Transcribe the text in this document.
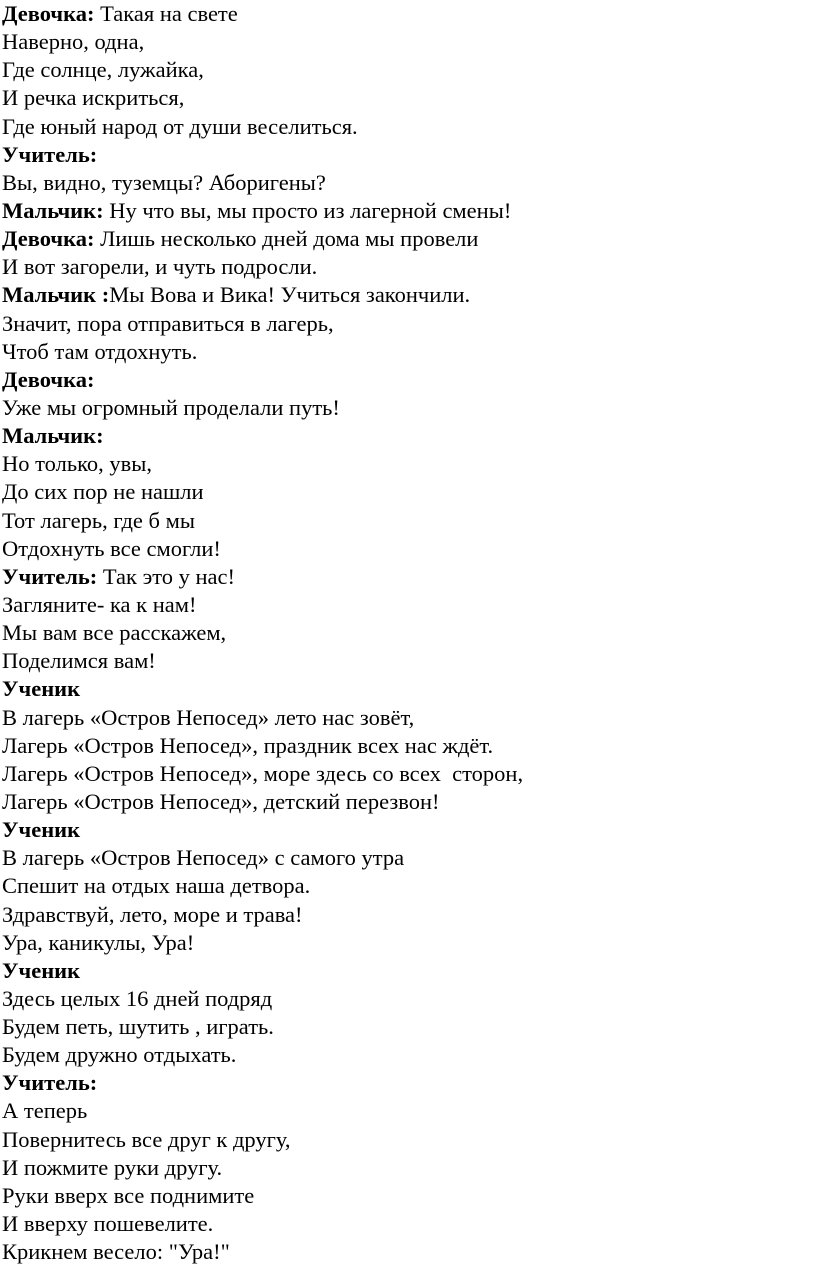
Девочка: Такая на свете
Наверно, одна,
Где солнце, лужайка,
И речка искриться,
Где юный народ от души веселиться.
Учитель:
Вы, видно, туземцы? Аборигены?
Мальчик: Ну что вы, мы просто из лагерной смены!
Девочка: Лишь несколько дней дома мы провели
И вот загорели, и чуть подросли.
Мальчик :Мы Вова и Вика! Учиться закончили.
Значит, пора отправиться в лагерь,
Чтоб там отдохнуть.
Девочка:
Уже мы огромный проделали путь!
Мальчик:
Но только, увы,
До сих пор не нашли
Тот лагерь, где б мы
Отдохнуть все смогли!
Учитель: Так это у нас!
Загляните- ка к нам!
Мы вам все расскажем,
Поделимся вам!
Ученик
В лагерь «Остров Непосед» лето нас зовёт,
Лагерь «Остров Непосед», праздник всех нас ждёт.
Лагерь «Остров Непосед», море здесь со всех  сторон,
Лагерь «Остров Непосед», детский перезвон!
Ученик
В лагерь «Остров Непосед» с самого утра
Спешит на отдых наша детвора.
Здравствуй, лето, море и трава!
Ура, каникулы, Ура!
Ученик
Здесь целых 16 дней подряд
Будем петь, шутить , играть.
Будем дружно отдыхать.
Учитель:
А теперь
Повернитесь все друг к другу,
И пожмите руки другу.
Руки вверх все поднимите
И вверху пошевелите.
Крикнем весело: "Ура!"
